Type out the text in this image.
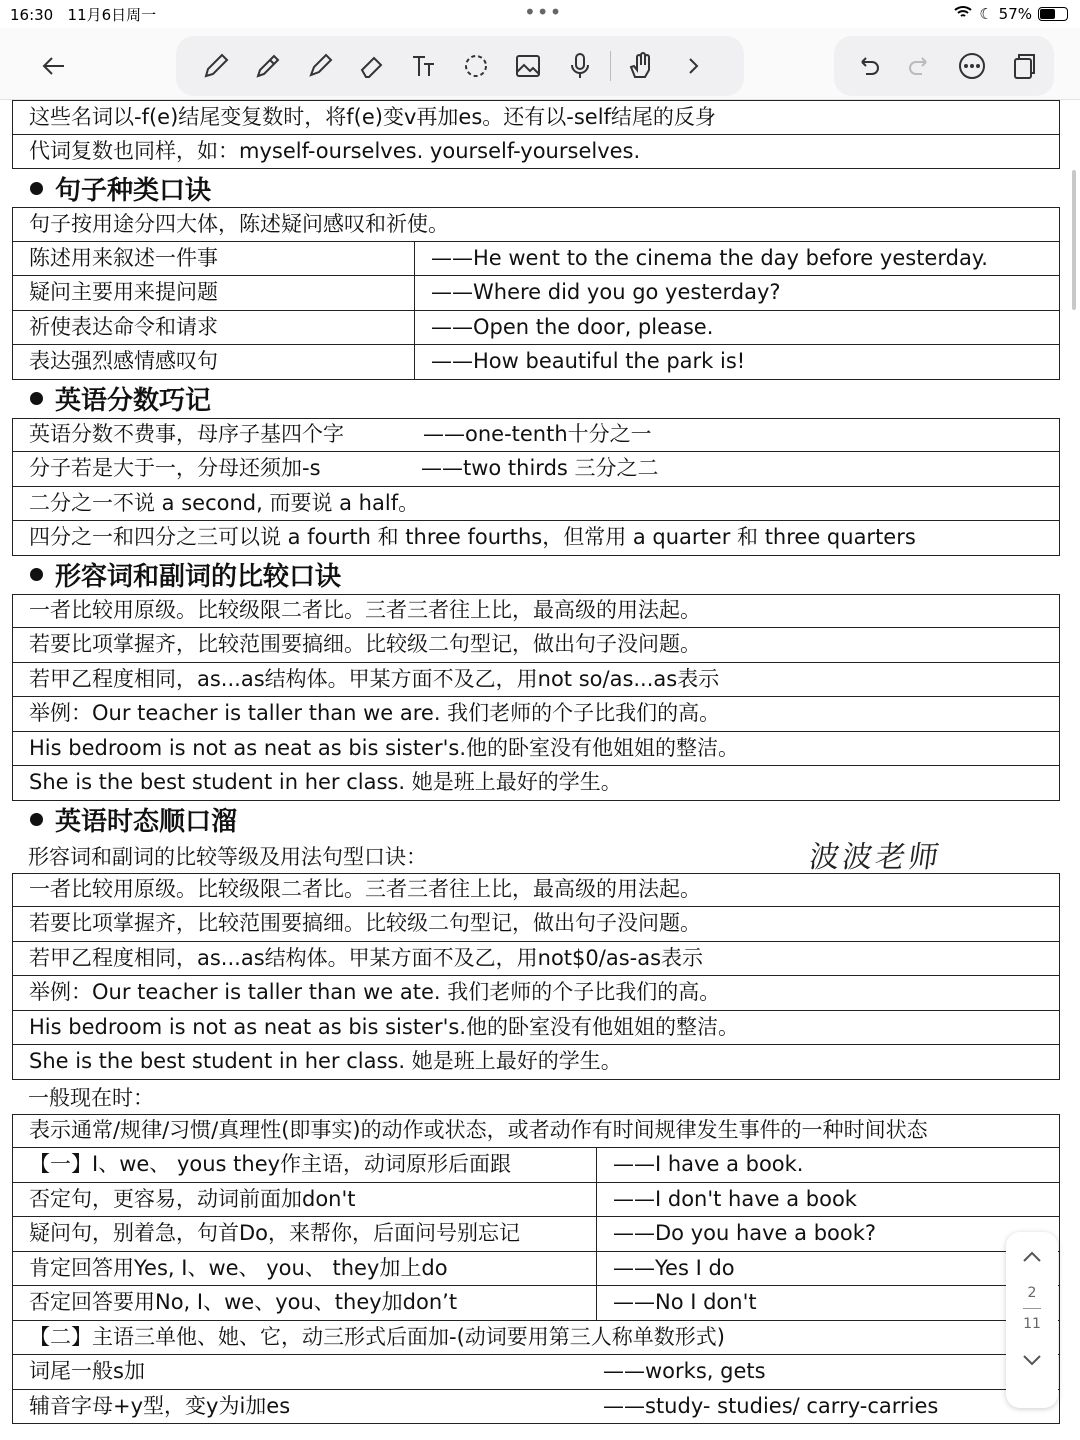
16:30 11月6日周一	•••	☾ 57%
这些名词以-f(e)结尾变复数时，将f(e)变v再加es。还有以-self结尾的反身
代词复数也同样，如：myself-ourselves. yourself-yourselves.
句子种类口诀
句子按用途分四大体，陈述疑问感叹和祈使。
陈述用来叙述一件事	——He went to the cinema the day before yesterday.
疑问主要用来提问题	——Where did you go yesterday?
祈使表达命令和请求	——Open the door, please.
表达强烈感情感叹句	——How beautiful the park is!
英语分数巧记
英语分数不费事，母序子基四个字	——one-tenth十分之一
分子若是大于一，分母还须加-s	——two thirds 三分之二
二分之一不说 a second, 而要说 a half。
四分之一和四分之三可以说 a fourth 和 three fourths，但常用 a quarter 和 three quarters
形容词和副词的比较口诀
一者比较用原级。比较级限二者比。三者三者往上比，最高级的用法起。
若要比项掌握齐，比较范围要搞细。比较级二句型记，做出句子没问题。
若甲乙程度相同，as...as结构体。甲某方面不及乙，用not so/as...as表示
举例：Our teacher is taller than we are. 我们老师的个子比我们的高。
His bedroom is not as neat as bis sister's.他的卧室没有他姐姐的整洁。
She is the best student in her class. 她是班上最好的学生。
英语时态顺口溜
形容词和副词的比较等级及用法句型口诀：
一者比较用原级。比较级限二者比。三者三者往上比，最高级的用法起。
若要比项掌握齐，比较范围要搞细。比较级二句型记，做出句子没问题。
若甲乙程度相同，as...as结构体。甲某方面不及乙，用not$0/as-as表示
举例：Our teacher is taller than we ate. 我们老师的个子比我们的高。
His bedroom is not as neat as bis sister's.他的卧室没有他姐姐的整洁。
She is the best student in her class. 她是班上最好的学生。
一般现在时：
表示通常/规律/习惯/真理性(即事实)的动作或状态，或者动作有时间规律发生事件的一种时间状态
【一】I、we、 yous they作主语，动词原形后面跟	——I have a book.
否定句，更容易，动词前面加don't	——I don't have a book
疑问句，别着急，句首Do，来帮你，后面问号别忘记	——Do you have a book?
肯定回答用Yes, I、we、 you、 they加上do	——Yes I do
否定回答要用No, I、we、you、they加don’t	——No I don't
【二】主语三单他、她、它，动三形式后面加-(动词要用第三人称单数形式)
词尾一般s加	——works, gets
辅音字母+y型，变y为i加es	——study- studies/ carry-carries
波波老师
2
11
